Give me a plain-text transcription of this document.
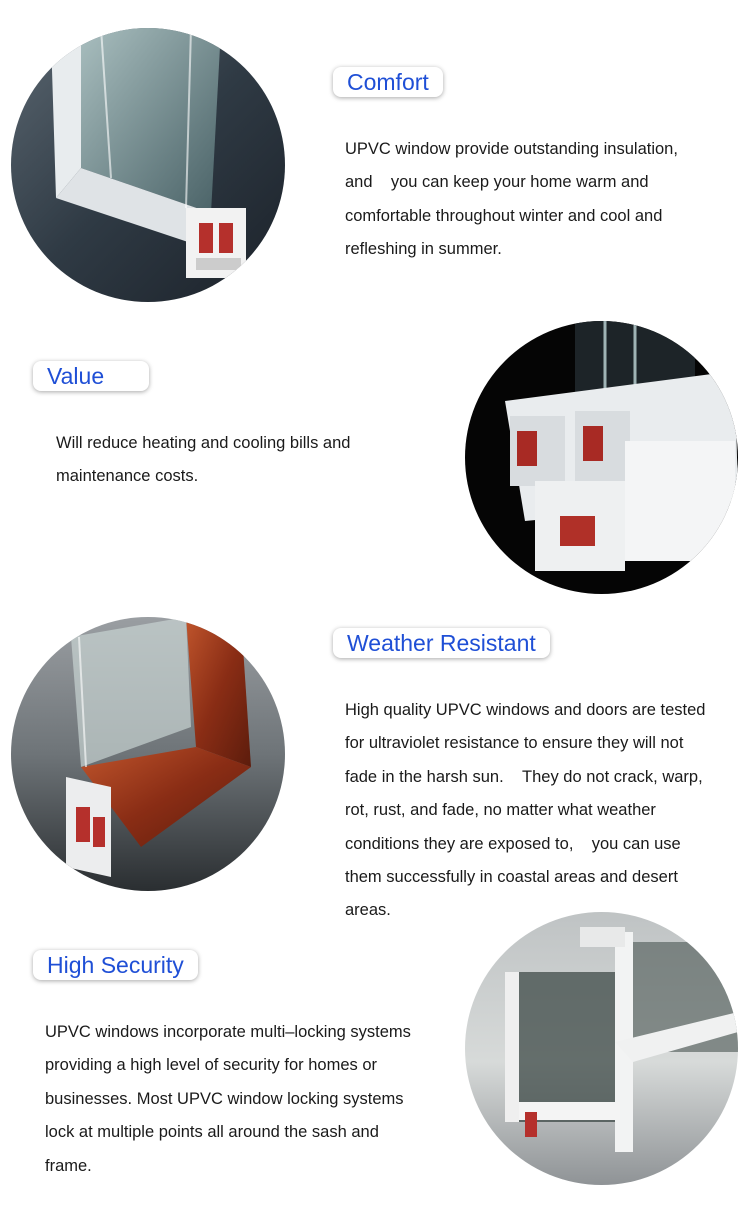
Comfort
UPVC window provide outstanding insulation, and    you can keep your home warm and comfortable throughout winter and cool and refleshing in summer.
Value
Will reduce heating and cooling bills and maintenance costs.
Weather Resistant
High quality UPVC windows and doors are tested for ultraviolet resistance to ensure they will not fade in the harsh sun.    They do not crack, warp, rot, rust, and fade, no matter what weather conditions they are exposed to,    you can use them successfully in coastal areas and desert areas.
High Security
UPVC windows incorporate multi–locking systems providing a high level of security for homes or businesses. Most UPVC window locking systems lock at multiple points all around the sash and frame.
